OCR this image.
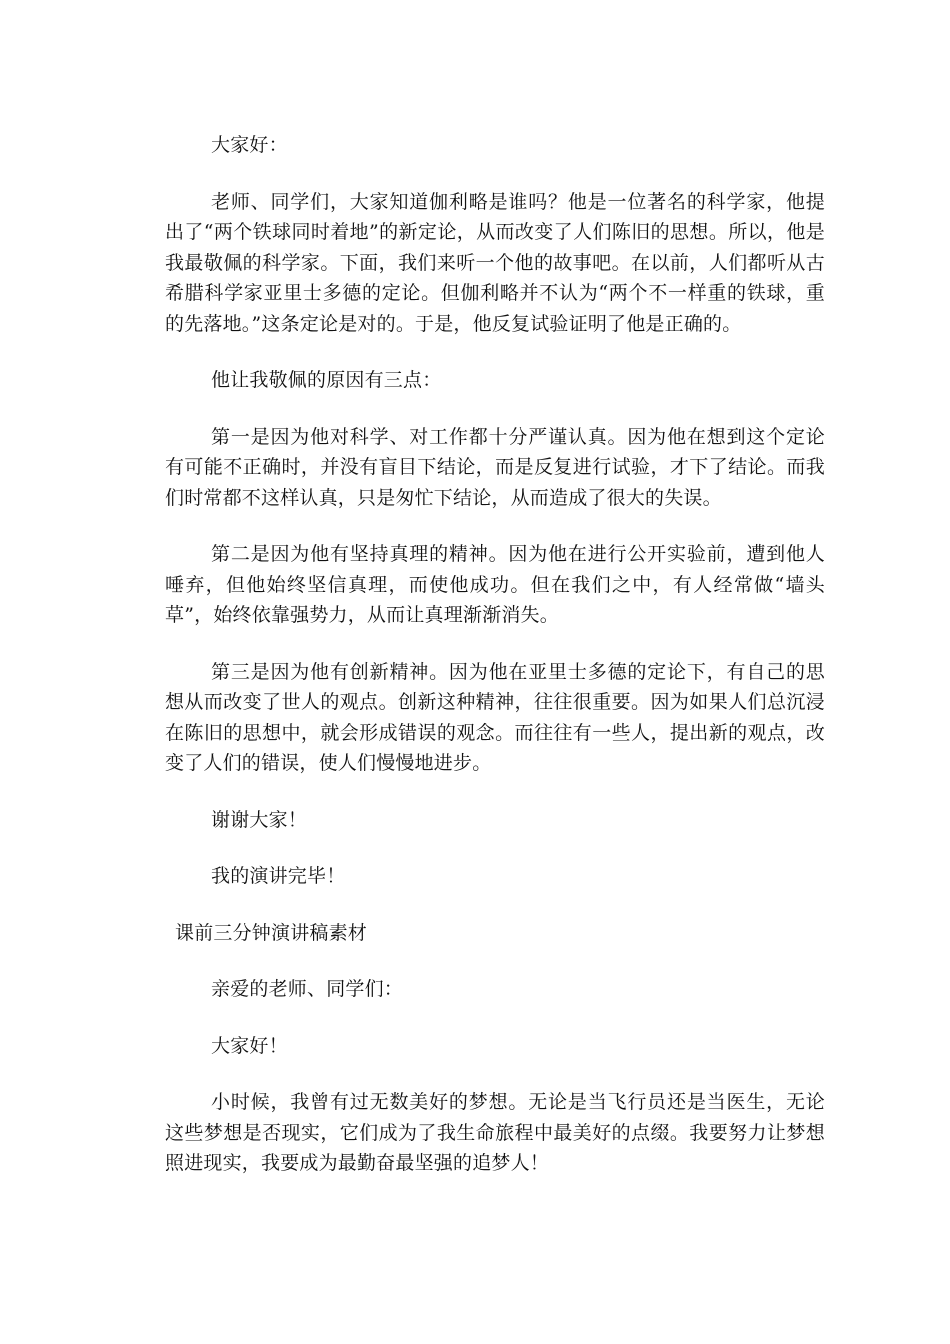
大家好：

老师、同学们，大家知道伽利略是谁吗？他是一位著名的科学家，他提出了“两个铁球同时着地”的新定论，从而改变了人们陈旧的思想。所以，他是我最敬佩的科学家。下面，我们来听一个他的故事吧。在以前，人们都听从古希腊科学家亚里士多德的定论。但伽利略并不认为“两个不一样重的铁球，重的先落地。”这条定论是对的。于是，他反复试验证明了他是正确的。

他让我敬佩的原因有三点：

第一是因为他对科学、对工作都十分严谨认真。因为他在想到这个定论有可能不正确时，并没有盲目下结论，而是反复进行试验，才下了结论。而我们时常都不这样认真，只是匆忙下结论，从而造成了很大的失误。

第二是因为他有坚持真理的精神。因为他在进行公开实验前，遭到他人唾弃，但他始终坚信真理，而使他成功。但在我们之中，有人经常做“墙头草”，始终依靠强势力，从而让真理渐渐消失。

第三是因为他有创新精神。因为他在亚里士多德的定论下，有自己的思想从而改变了世人的观点。创新这种精神，往往很重要。因为如果人们总沉浸在陈旧的思想中，就会形成错误的观念。而往往有一些人，提出新的观点，改变了人们的错误，使人们慢慢地进步。

谢谢大家！

我的演讲完毕！

课前三分钟演讲稿素材

亲爱的老师、同学们：

大家好！

小时候，我曾有过无数美好的梦想。无论是当飞行员还是当医生，无论这些梦想是否现实，它们成为了我生命旅程中最美好的点缀。我要努力让梦想照进现实，我要成为最勤奋最坚强的追梦人！
